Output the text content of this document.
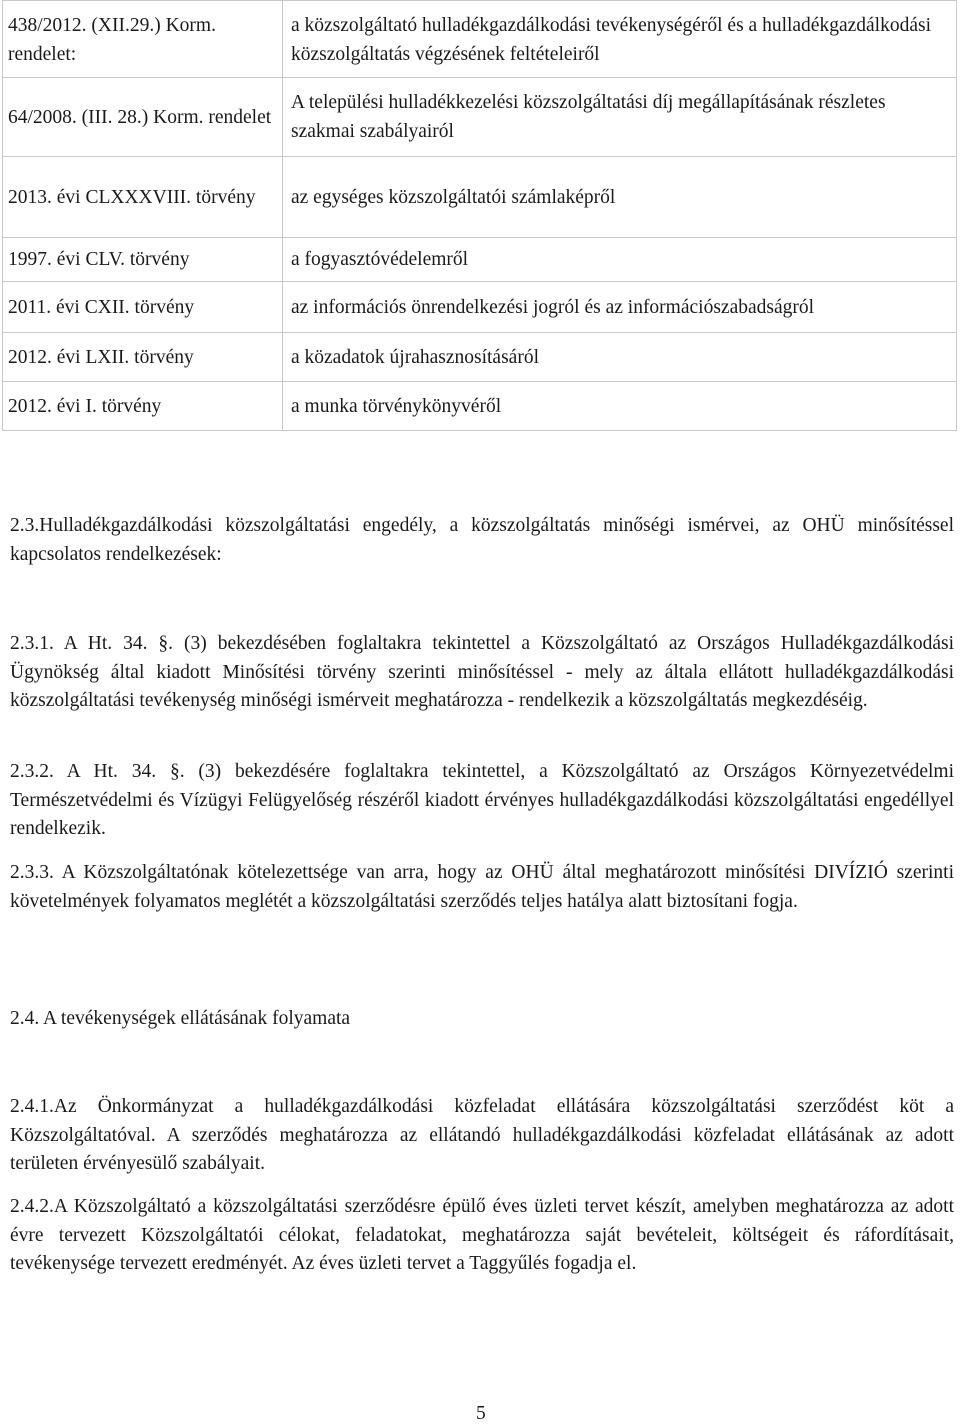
438/2012. (XII.29.) Korm. rendelet:	a közszolgáltató hulladékgazdálkodási tevékenységéről és a hulladékgazdálkodási közszolgáltatás végzésének feltételeiről
64/2008. (III. 28.) Korm. rendelet	A települési hulladékkezelési közszolgáltatási díj megállapításának részletes szakmai szabályairól
2013. évi CLXXXVIII. törvény	az egységes közszolgáltatói számlaképről
1997. évi CLV. törvény	a fogyasztóvédelemről
2011. évi CXII. törvény	az információs önrendelkezési jogról és az információszabadságról
2012. évi LXII. törvény	a közadatok újrahasznosításáról
2012. évi I. törvény	a munka törvénykönyvéről

2.3.Hulladékgazdálkodási közszolgáltatási engedély, a közszolgáltatás minőségi ismérvei, az OHÜ minősítéssel kapcsolatos rendelkezések:

2.3.1. A Ht. 34. §. (3) bekezdésében foglaltakra tekintettel a Közszolgáltató az Országos Hulladékgazdálkodási Ügynökség által kiadott Minősítési törvény szerinti minősítéssel - mely az általa ellátott hulladékgazdálkodási közszolgáltatási tevékenység minőségi ismérveit meghatározza - rendelkezik a közszolgáltatás megkezdéséig.

2.3.2. A Ht. 34. §. (3) bekezdésére foglaltakra tekintettel, a Közszolgáltató az Országos Környezetvédelmi Természetvédelmi és Vízügyi Felügyelőség részéről kiadott érvényes hulladékgazdálkodási közszolgáltatási engedéllyel rendelkezik.

2.3.3. A Közszolgáltatónak kötelezettsége van arra, hogy az OHÜ által meghatározott minősítési DIVÍZIÓ szerinti követelmények folyamatos meglétét a közszolgáltatási szerződés teljes hatálya alatt biztosítani fogja.

2.4. A tevékenységek ellátásának folyamata

2.4.1.Az Önkormányzat a hulladékgazdálkodási közfeladat ellátására közszolgáltatási szerződést köt a Közszolgáltatóval. A szerződés meghatározza az ellátandó hulladékgazdálkodási közfeladat ellátásának az adott területen érvényesülő szabályait.

2.4.2.A Közszolgáltató a közszolgáltatási szerződésre épülő éves üzleti tervet készít, amelyben meghatározza az adott évre tervezett Közszolgáltatói célokat, feladatokat, meghatározza saját bevételeit, költségeit és ráfordításait, tevékenysége tervezett eredményét. Az éves üzleti tervet a Taggyűlés fogadja el.

5
